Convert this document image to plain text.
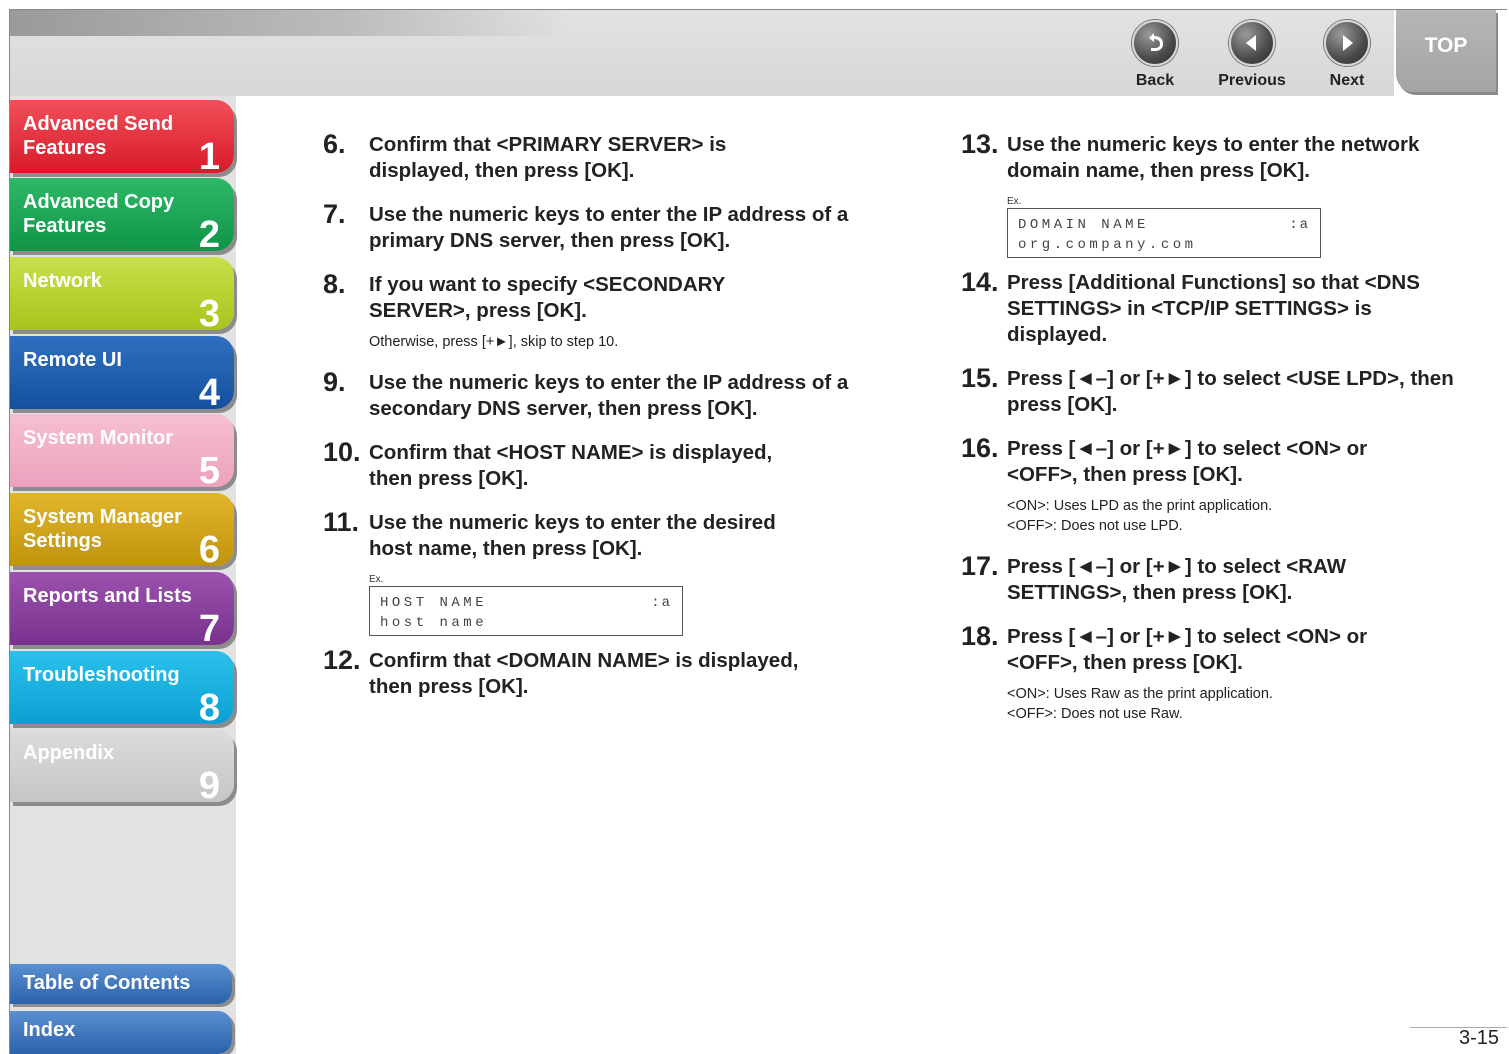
Back	Previous	Next
TOP
Advanced Send Features	1
Advanced Copy Features	2
Network
3
Remote UI
4
System Monitor
5
System Manager Settings	6
Reports and Lists
7
Troubleshooting
8
Appendix
9
Table of Contents
Index
6. Confirm that <PRIMARY SERVER> is displayed, then press [OK].
7. Use the numeric keys to enter the IP address of a primary DNS server, then press [OK].
8. If you want to specify <SECONDARY SERVER>, press [OK].
Otherwise, press [+►], skip to step 10.
9. Use the numeric keys to enter the IP address of a secondary DNS server, then press [OK].
10. Confirm that <HOST NAME> is displayed, then press [OK].
11. Use the numeric keys to enter the desired host name, then press [OK].
Ex.
HOST NAME	:a
host name
12. Confirm that <DOMAIN NAME> is displayed, then press [OK].
13. Use the numeric keys to enter the network domain name, then press [OK].
Ex.
DOMAIN NAME	:a
org.company.com
14. Press [Additional Functions] so that <DNS SETTINGS> in <TCP/IP SETTINGS> is displayed.
15. Press [◄–] or [+►] to select <USE LPD>, then press [OK].
16. Press [◄–] or [+►] to select <ON> or <OFF>, then press [OK].
<ON>: Uses LPD as the print application.
<OFF>: Does not use LPD.
17. Press [◄–] or [+►] to select <RAW SETTINGS>, then press [OK].
18. Press [◄–] or [+►] to select <ON> or <OFF>, then press [OK].
<ON>: Uses Raw as the print application.
<OFF>: Does not use Raw.
3-15
